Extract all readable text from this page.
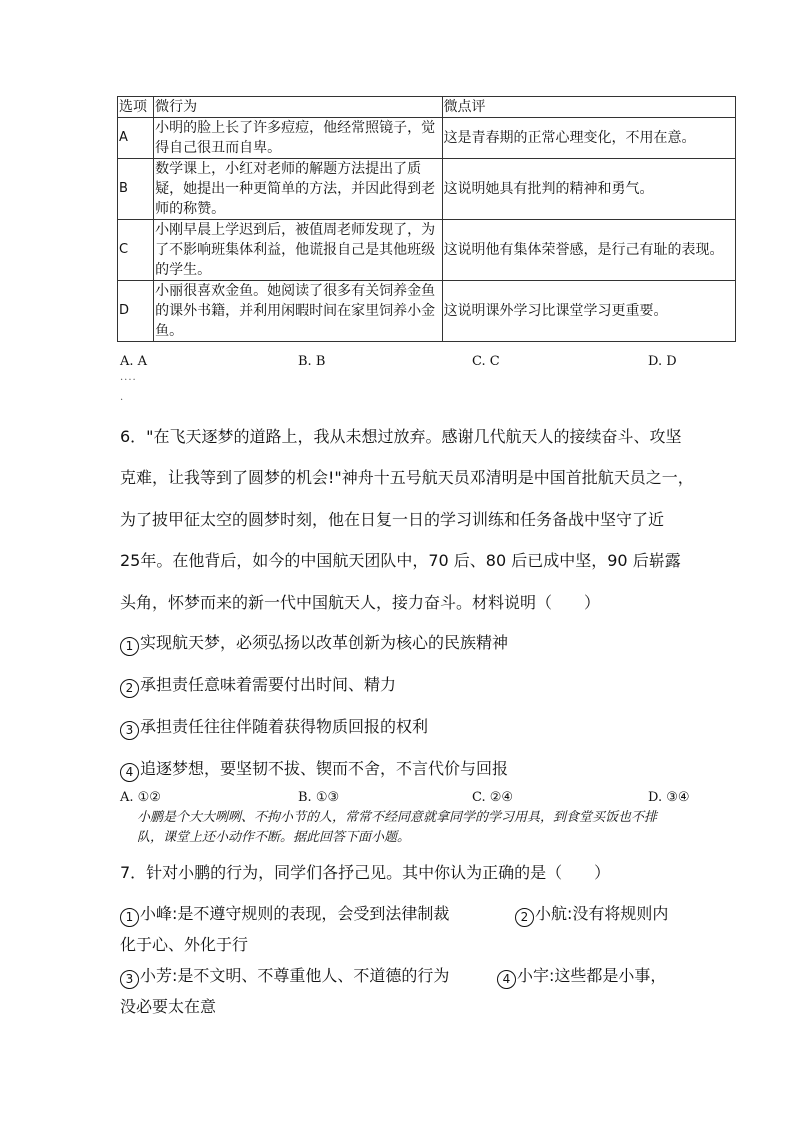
选项	微行为	微点评
A	小明的脸上长了许多痘痘，他经常照镜子，觉得自己很丑而自卑。	这是青春期的正常心理变化，不用在意。
B	数学课上，小红对老师的解题方法提出了质疑，她提出一种更简单的方法，并因此得到老师的称赞。	这说明她具有批判的精神和勇气。
C	小刚早晨上学迟到后，被值周老师发现了，为了不影响班集体利益，他谎报自己是其他班级的学生。	这说明他有集体荣誉感，是行己有耻的表现。
D	小丽很喜欢金鱼。她阅读了很多有关饲养金鱼的课外书籍，并利用闲暇时间在家里饲养小金鱼。	这说明课外学习比课堂学习更重要。
A. A	B. B	C. C	D. D
....
.
6．"在飞天逐梦的道路上，我从未想过放弃。感谢几代航天人的接续奋斗、攻坚
克难，让我等到了圆梦的机会!"神舟十五号航天员邓清明是中国首批航天员之一，
为了披甲征太空的圆梦时刻，他在日复一日的学习训练和任务备战中坚守了近
25年。在他背后，如今的中国航天团队中，70 后、80 后已成中坚，90 后崭露
头角，怀梦而来的新一代中国航天人，接力奋斗。材料说明（　　）
1 实现航天梦，必须弘扬以改革创新为核心的民族精神
2 承担责任意味着需要付出时间、精力
3 承担责任往往伴随着获得物质回报的权利
4 追逐梦想，要坚韧不拔、锲而不舍，不言代价与回报
A. ①②	B. ①③	C. ②④	D. ③④
小鹏是个大大咧咧、不拘小节的人，常常不经同意就拿同学的学习用具，到食堂买饭也不排队，课堂上还小动作不断。据此回答下面小题。
7．针对小鹏的行为，同学们各抒己见。其中你认为正确的是（　　）
1 小峰:是不遵守规则的表现，会受到法律制裁	2 小航:没有将规则内
化于心、外化于行
3 小芳:是不文明、不尊重他人、不道德的行为	4 小宇:这些都是小事，
没必要太在意
